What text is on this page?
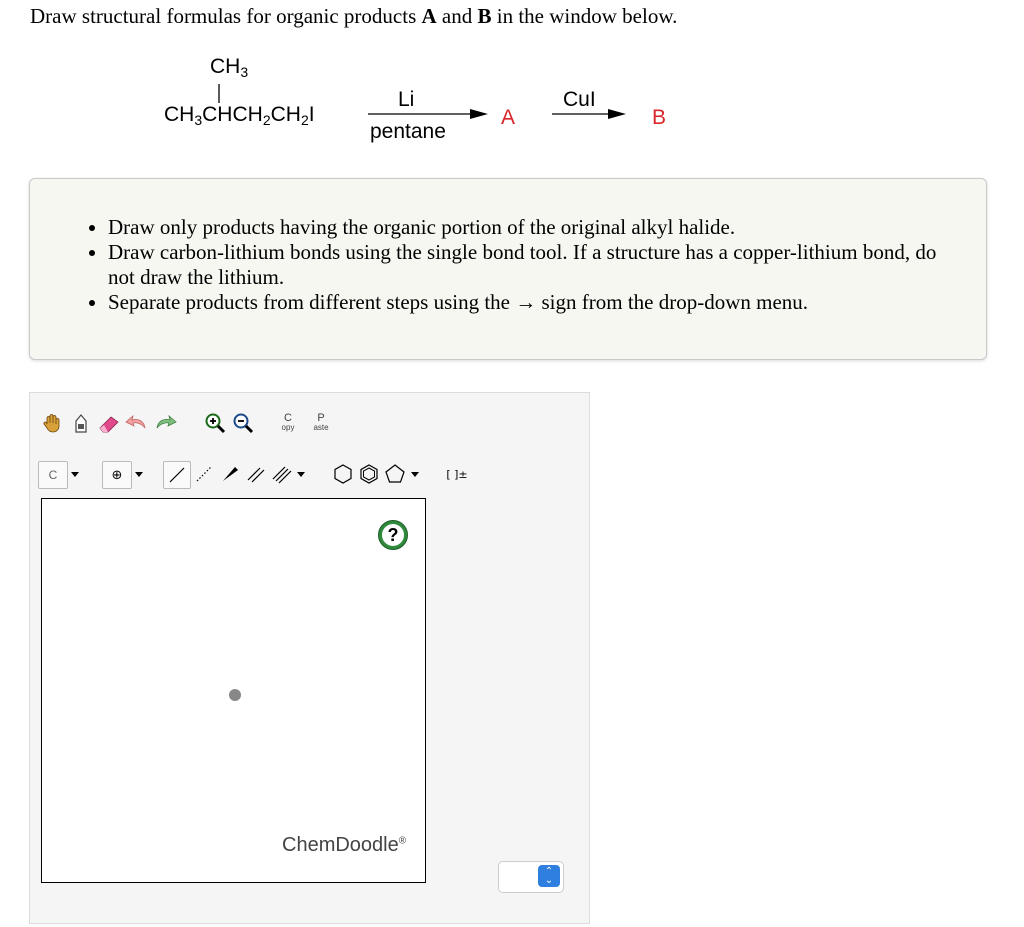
Draw structural formulas for organic products A and B in the window below.
$CH_3$
$CH_3CHCH_2CH_2I$
Li
pentane
A
CuI
B
• Draw only products having the organic portion of the original alkyl halide.
• Draw carbon-lithium bonds using the single bond tool. If a structure has a copper-lithium bond, do not draw the lithium.
• Separate products from different steps using the → sign from the drop-down menu.
C
opy
P
aste
C	⊕	[ ]±
?
ChemDoodle®
⌃
⌄
